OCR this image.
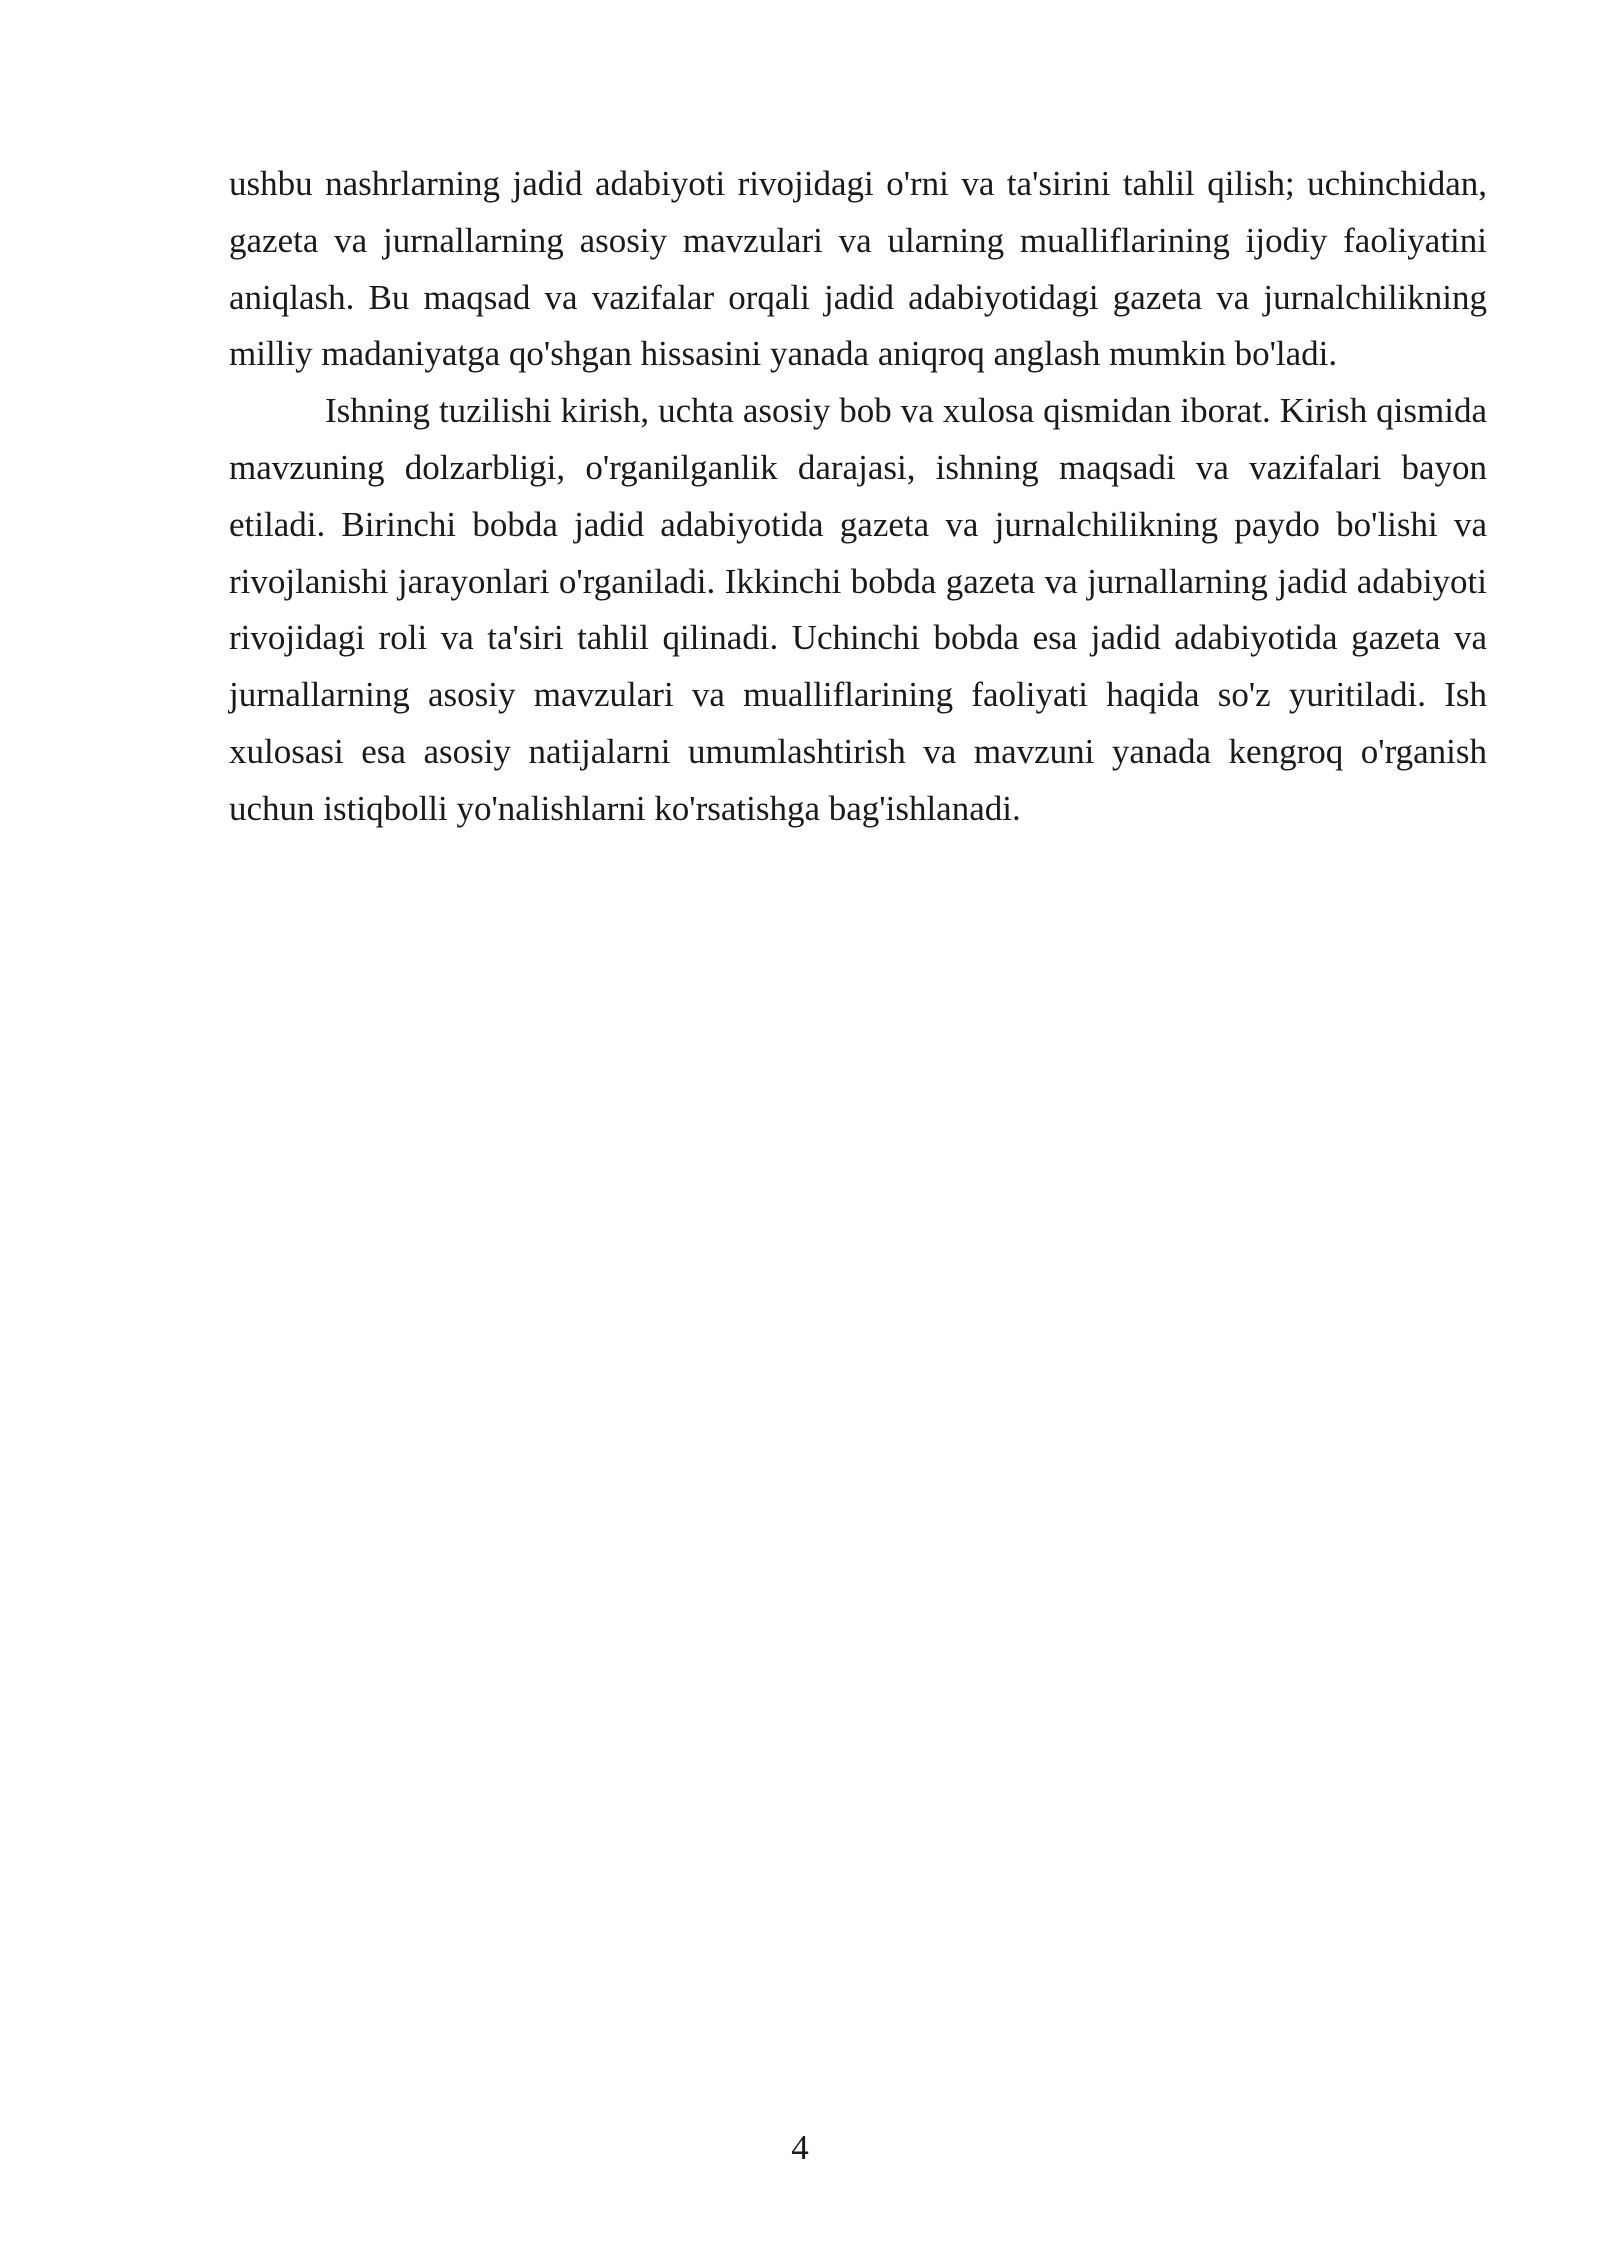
ushbu nashrlarning jadid adabiyoti rivojidagi o'rni va ta'sirini tahlil qilish; uchinchidan, gazeta va jurnallarning asosiy mavzulari va ularning mualliflarining ijodiy faoliyatini aniqlash. Bu maqsad va vazifalar orqali jadid adabiyotidagi gazeta va jurnalchilikning milliy madaniyatga qo'shgan hissasini yanada aniqroq anglash mumkin bo'ladi.

Ishning tuzilishi kirish, uchta asosiy bob va xulosa qismidan iborat. Kirish qismida mavzuning dolzarbligi, o'rganilganlik darajasi, ishning maqsadi va vazifalari bayon etiladi. Birinchi bobda jadid adabiyotida gazeta va jurnalchilikning paydo bo'lishi va rivojlanishi jarayonlari o'rganiladi. Ikkinchi bobda gazeta va jurnallarning jadid adabiyoti rivojidagi roli va ta'siri tahlil qilinadi. Uchinchi bobda esa jadid adabiyotida gazeta va jurnallarning asosiy mavzulari va mualliflarining faoliyati haqida so'z yuritiladi. Ish xulosasi esa asosiy natijalarni umumlashtirish va mavzuni yanada kengroq o'rganish uchun istiqbolli yo'nalishlarni ko'rsatishga bag'ishlanadi.

4
